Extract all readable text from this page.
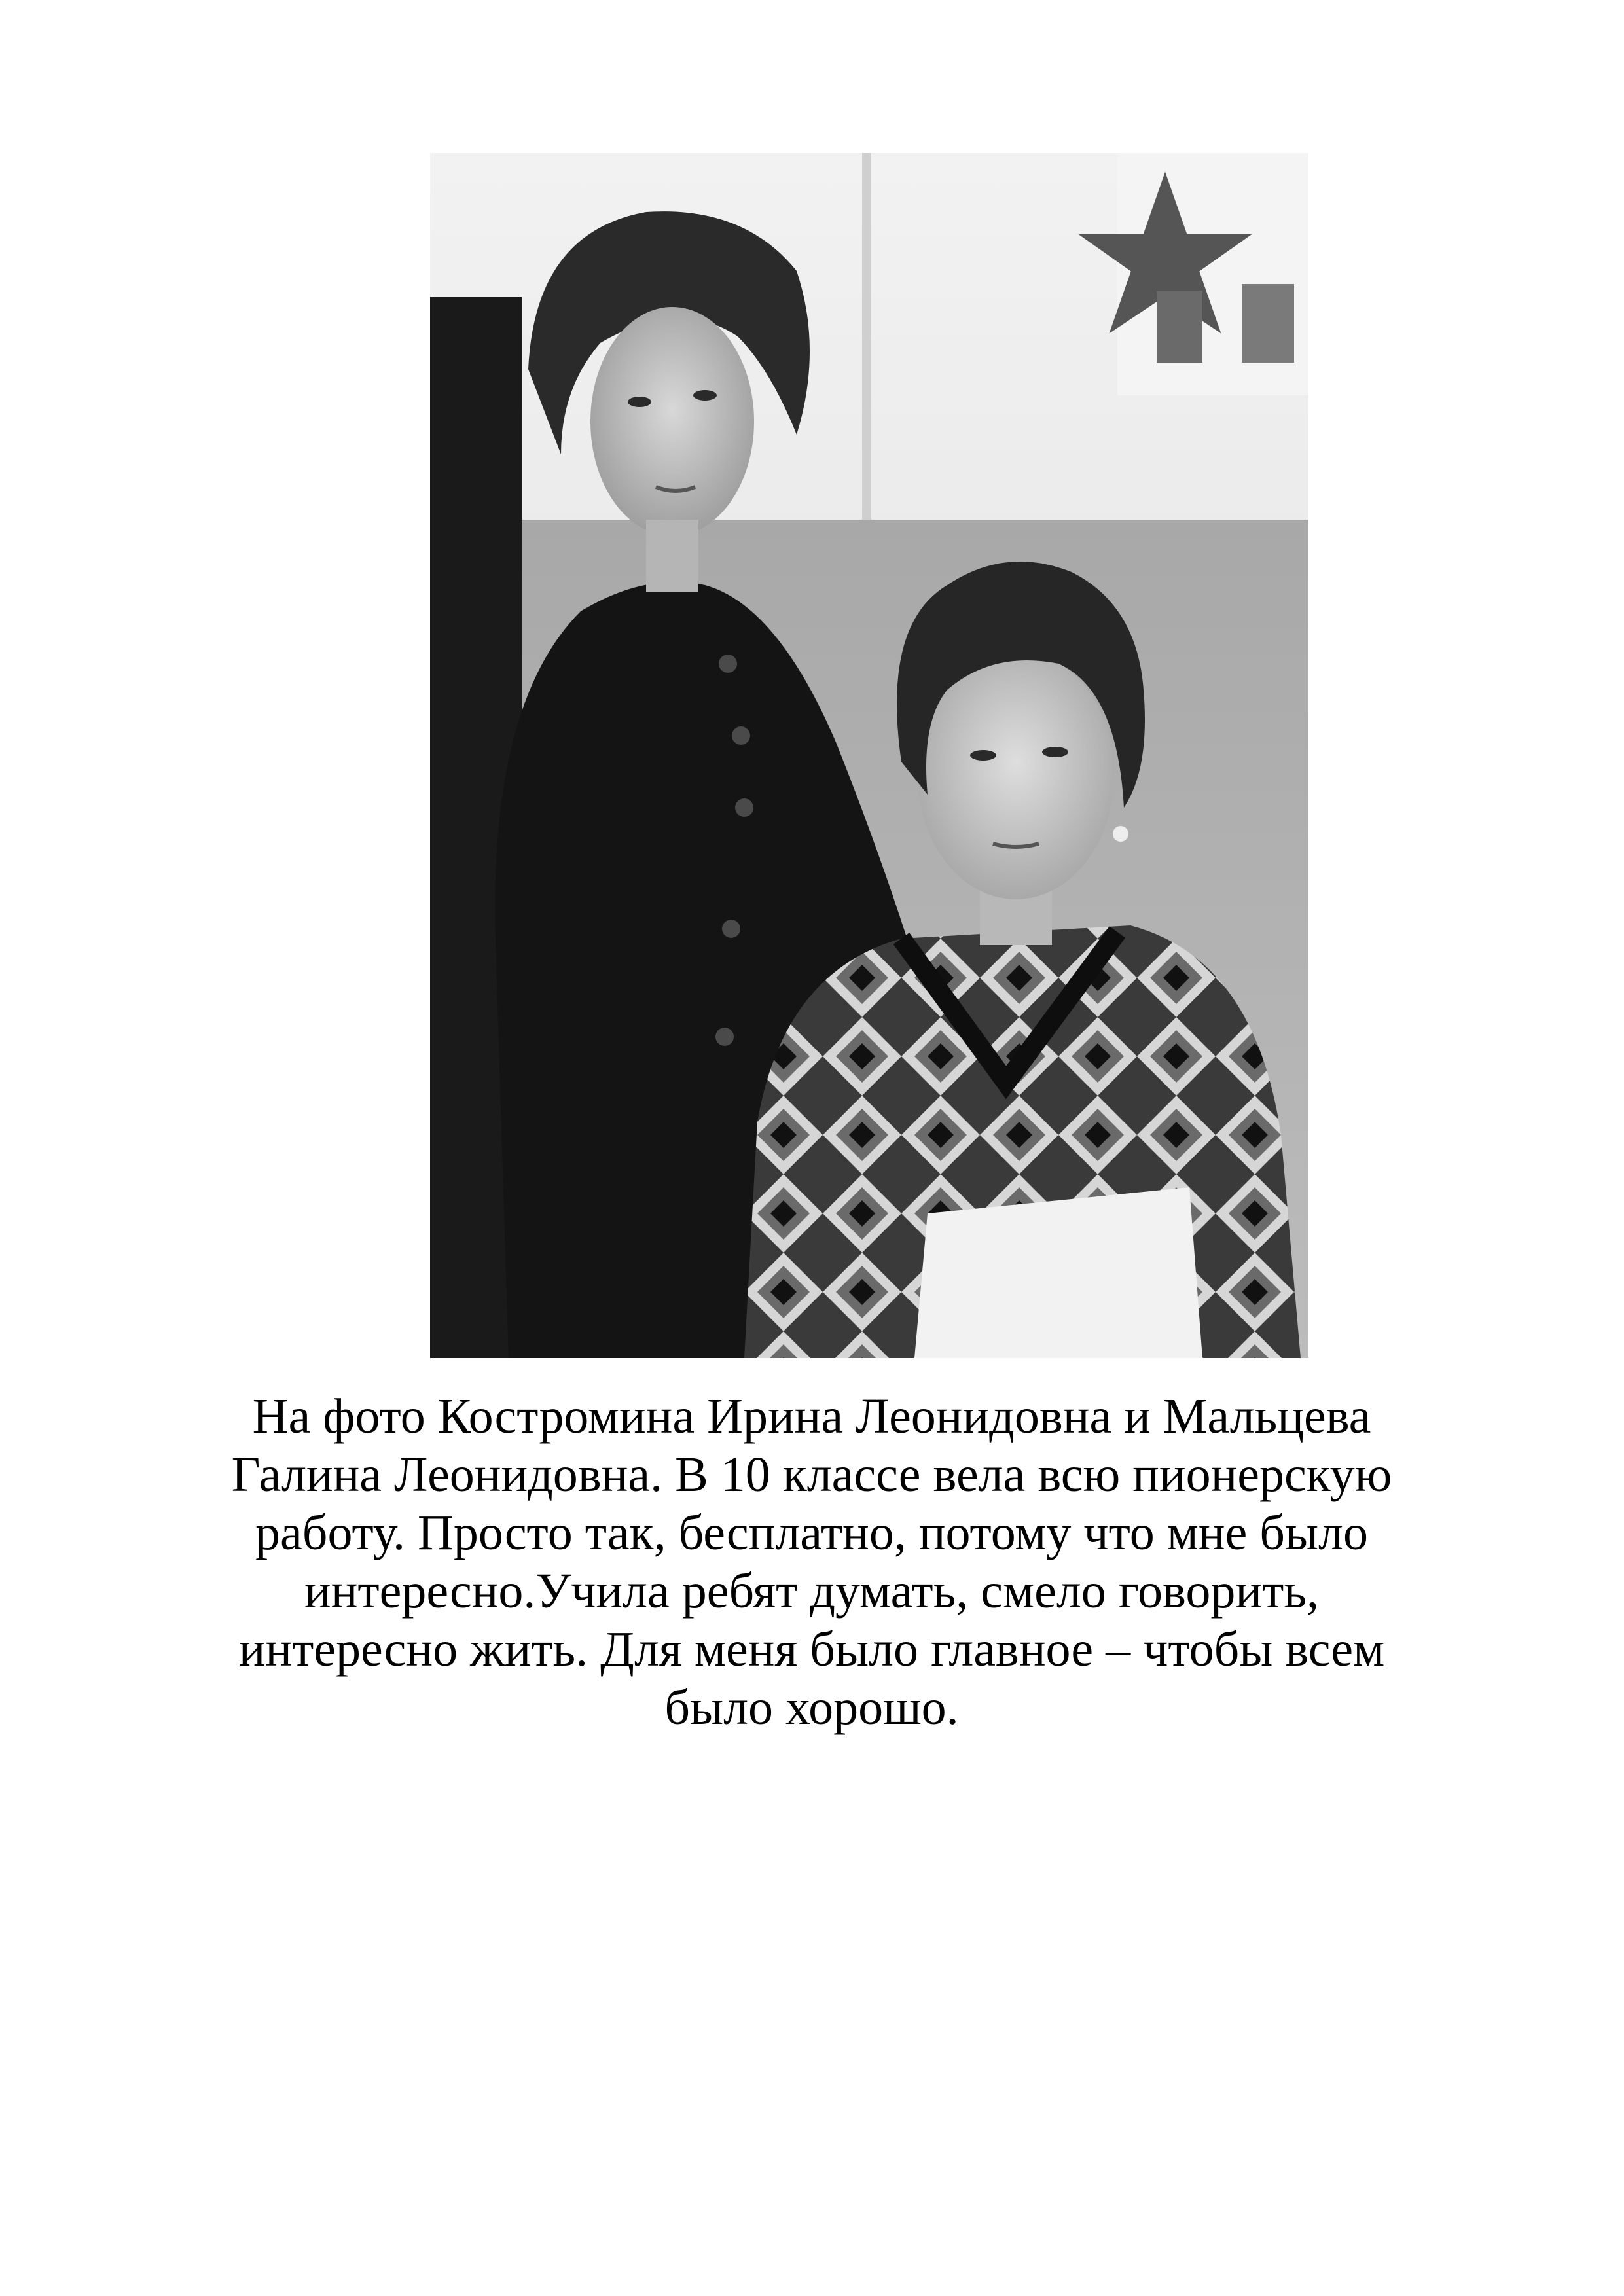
На фото Костромина Ирина Леонидовна и Мальцева
Галина Леонидовна. В 10 классе вела всю пионерскую
работу. Просто так, бесплатно, потому что мне было
интересно.Учила ребят думать, смело говорить,
интересно жить. Для меня было главное – чтобы всем
было хорошо.
